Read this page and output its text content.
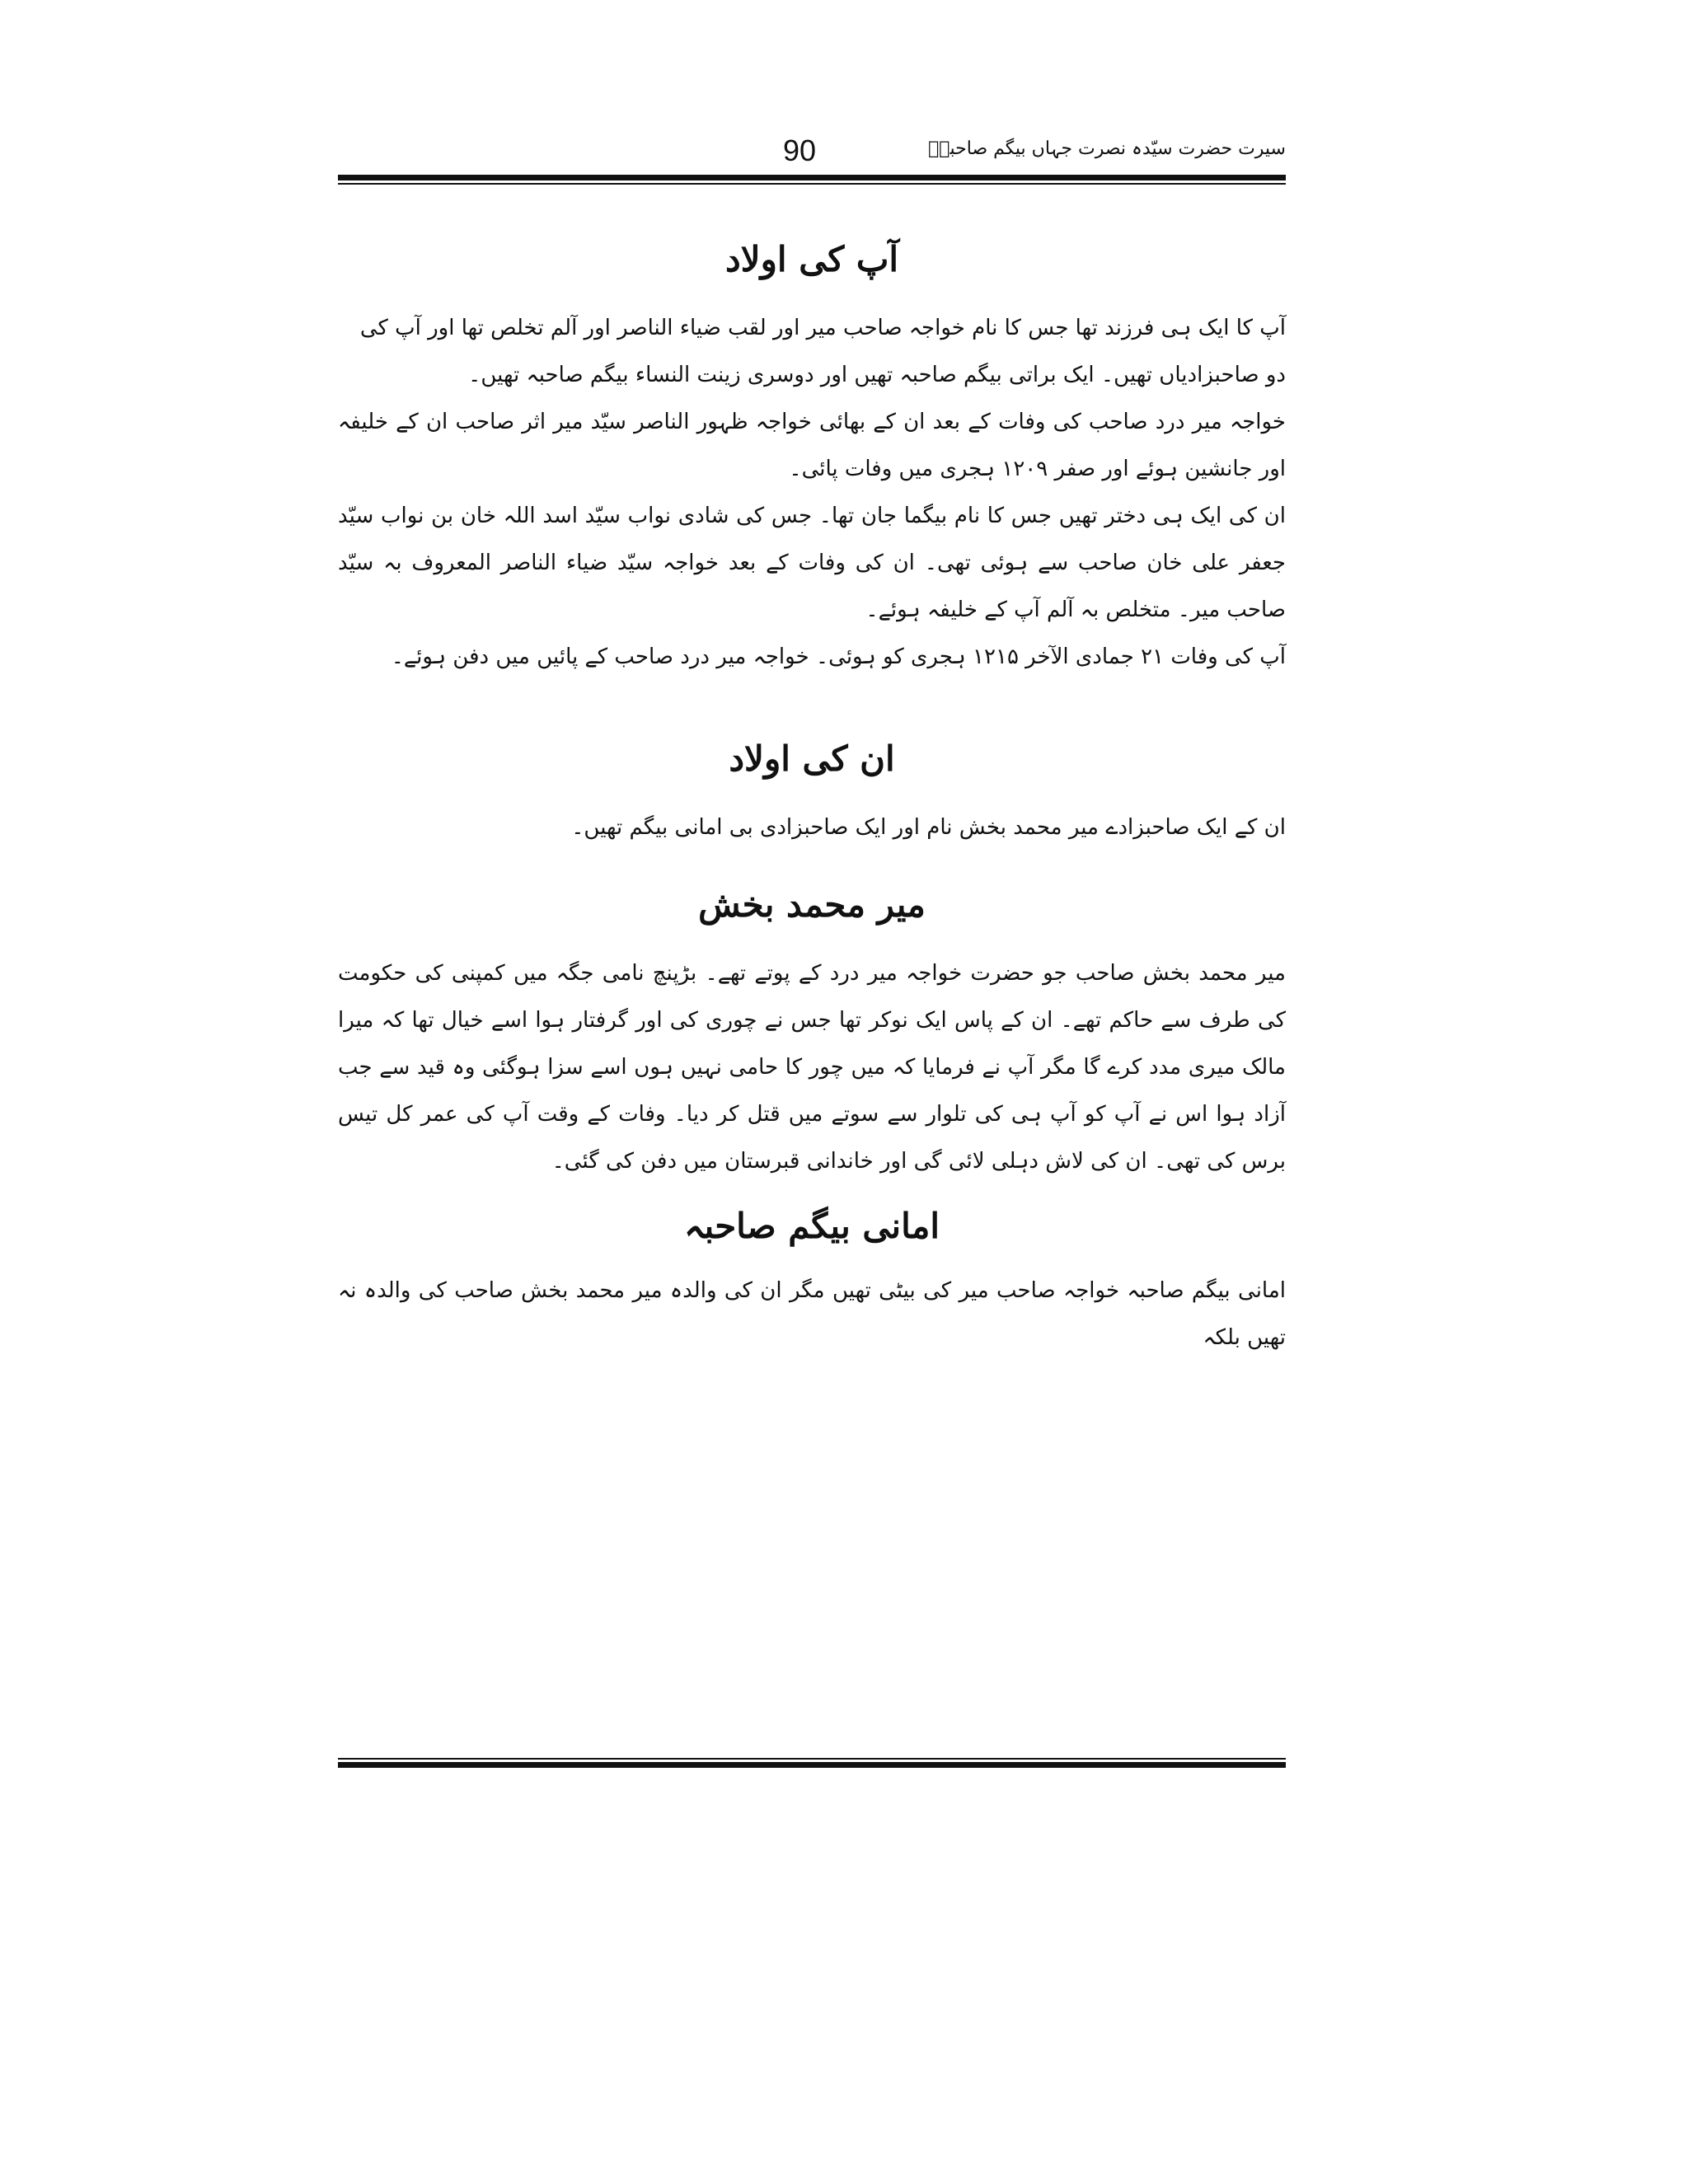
سیرت حضرت سیّدہ نصرت جہاں بیگم صاحبہؓ
90
آپ کی اولاد

آپ کا ایک ہی فرزند تھا جس کا نام خواجہ صاحب میر اور لقب ضیاء الناصر اور آلم تخلص تھا اور آپ کی دو صاحبزادیاں تھیں۔ ایک براتی بیگم صاحبہ تھیں اور دوسری زینت النساء بیگم صاحبہ تھیں۔

خواجہ میر درد صاحب کی وفات کے بعد ان کے بھائی خواجہ ظہور الناصر سیّد میر اثر صاحب ان کے خلیفہ اور جانشین ہوئے اور صفر ۱۲۰۹ ہجری میں وفات پائی۔

ان کی ایک ہی دختر تھیں جس کا نام بیگما جان تھا۔ جس کی شادی نواب سیّد اسد اللہ خان بن نواب سیّد جعفر علی خان صاحب سے ہوئی تھی۔ ان کی وفات کے بعد خواجہ سیّد ضیاء الناصر المعروف بہ سیّد صاحب میر۔ متخلص بہ آلم آپ کے خلیفہ ہوئے۔

آپ کی وفات ۲۱ جمادی الآخر ۱۲۱۵ ہجری کو ہوئی۔ خواجہ میر درد صاحب کے پائیں میں دفن ہوئے۔

ان کی اولاد

ان کے ایک صاحبزادے میر محمد بخش نام اور ایک صاحبزادی بی امانی بیگم تھیں۔

میر محمد بخش

میر محمد بخش صاحب جو حضرت خواجہ میر درد کے پوتے تھے۔ بڑپنچ نامی جگہ میں کمپنی کی حکومت کی طرف سے حاکم تھے۔ ان کے پاس ایک نوکر تھا جس نے چوری کی اور گرفتار ہوا اسے خیال تھا کہ میرا مالک میری مدد کرے گا مگر آپ نے فرمایا کہ میں چور کا حامی نہیں ہوں اسے سزا ہوگئی وہ قید سے جب آزاد ہوا اس نے آپ کو آپ ہی کی تلوار سے سوتے میں قتل کر دیا۔ وفات کے وقت آپ کی عمر کل تیس برس کی تھی۔ ان کی لاش دہلی لائی گی اور خاندانی قبرستان میں دفن کی گئی۔

امانی بیگم صاحبہ

امانی بیگم صاحبہ خواجہ صاحب میر کی بیٹی تھیں مگر ان کی والدہ میر محمد بخش صاحب کی والدہ نہ تھیں بلکہ
